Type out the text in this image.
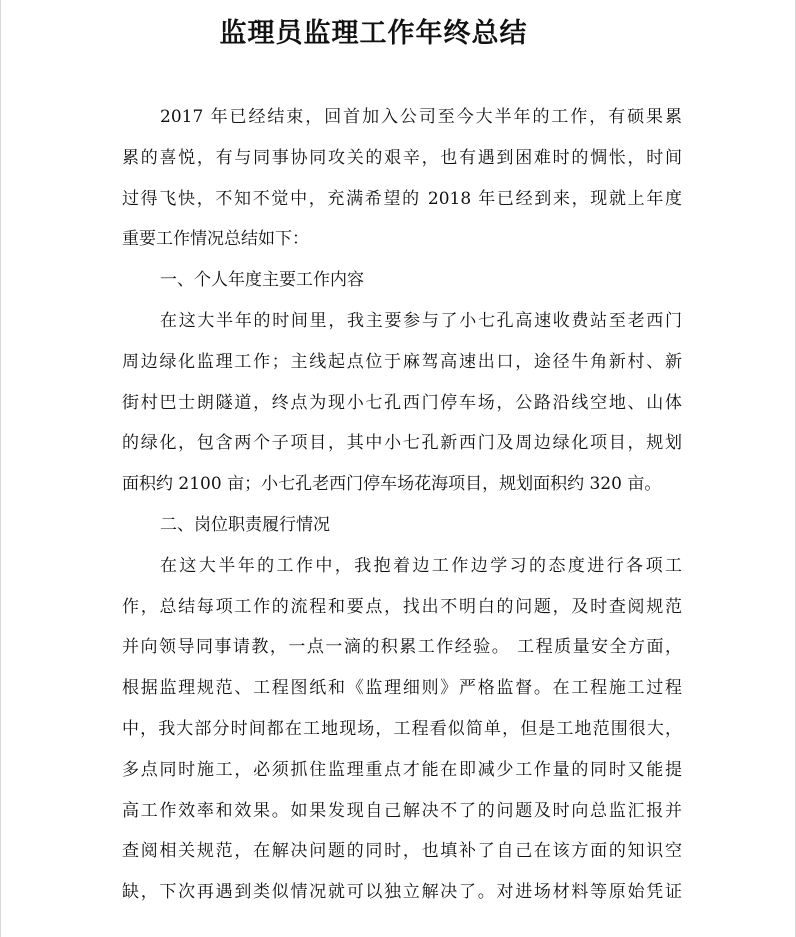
监理员监理工作年终总结
2017 年已经结束，回首加入公司至今大半年的工作，有硕果累
累的喜悦，有与同事协同攻关的艰辛，也有遇到困难时的惆怅，时间
过得飞快，不知不觉中，充满希望的 2018 年已经到来，现就上年度
重要工作情况总结如下：
一、个人年度主要工作内容
在这大半年的时间里，我主要参与了小七孔高速收费站至老西门
周边绿化监理工作；主线起点位于麻驾高速出口，途径牛角新村、新
街村巴士朗隧道，终点为现小七孔西门停车场，公路沿线空地、山体
的绿化，包含两个子项目，其中小七孔新西门及周边绿化项目，规划
面积约 2100 亩；小七孔老西门停车场花海项目，规划面积约 320 亩。
二、岗位职责履行情况
在这大半年的工作中，我抱着边工作边学习的态度进行各项工
作，总结每项工作的流程和要点，找出不明白的问题，及时查阅规范
并向领导同事请教，一点一滴的积累工作经验。 工程质量安全方面，
根据监理规范、工程图纸和《监理细则》严格监督。在工程施工过程
中，我大部分时间都在工地现场，工程看似简单，但是工地范围很大，
多点同时施工，必须抓住监理重点才能在即减少工作量的同时又能提
高工作效率和效果。如果发现自己解决不了的问题及时向总监汇报并
查阅相关规范，在解决问题的同时，也填补了自己在该方面的知识空
缺，下次再遇到类似情况就可以独立解决了。对进场材料等原始凭证
